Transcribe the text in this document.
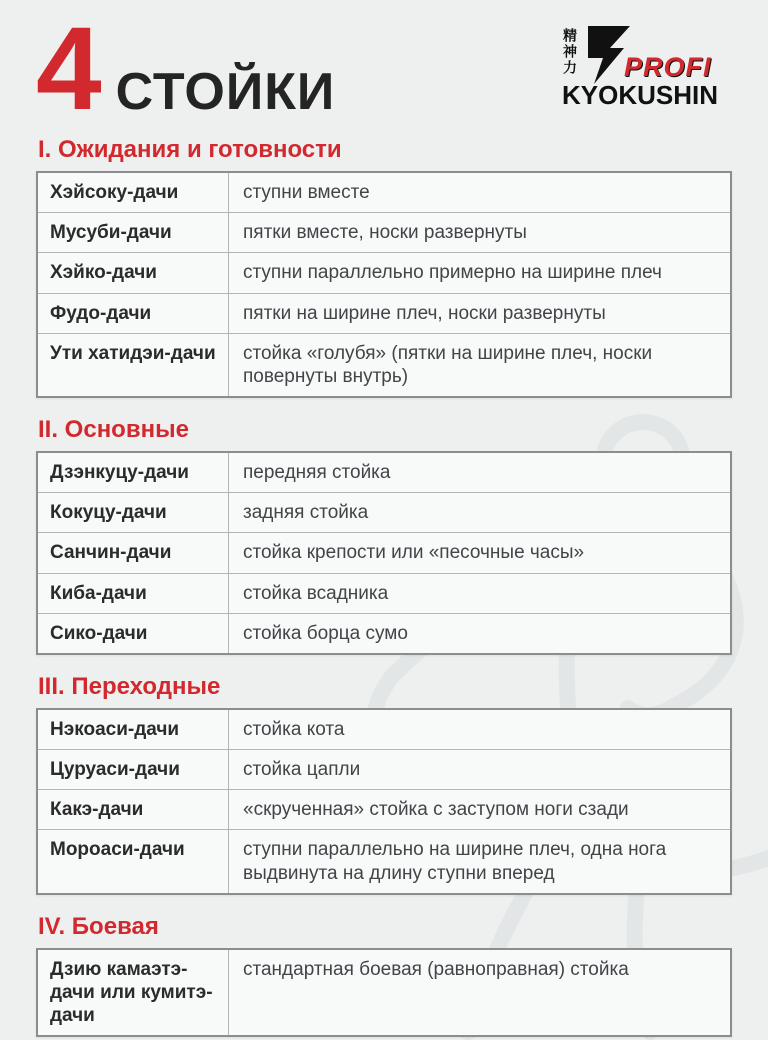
4 СТОЙКИ
精神力 PROFI
KYOKUSHIN
I. Ожидания и готовности
Хэйсоку-дачи	ступни вместе
Мусуби-дачи	пятки вместе, носки развернуты
Хэйко-дачи	ступни параллельно примерно на ширине плеч
Фудо-дачи	пятки на ширине плеч, носки развернуты
Ути хатидэи-дачи	стойка «голубя» (пятки на ширине плеч, носки повернуты внутрь)
II. Основные
Дзэнкуцу-дачи	передняя стойка
Кокуцу-дачи	задняя стойка
Санчин-дачи	стойка крепости или «песочные часы»
Киба-дачи	стойка всадника
Сико-дачи	стойка борца сумо
III. Переходные
Нэкоаси-дачи	стойка кота
Цуруаси-дачи	стойка цапли
Какэ-дачи	«скрученная» стойка с заступом ноги сзади
Мороаси-дачи	ступни параллельно на ширине плеч, одна нога выдвинута на длину ступни вперед
IV. Боевая
Дзию камаэтэ-дачи или кумитэ-дачи	стандартная боевая (равноправная) стойка
